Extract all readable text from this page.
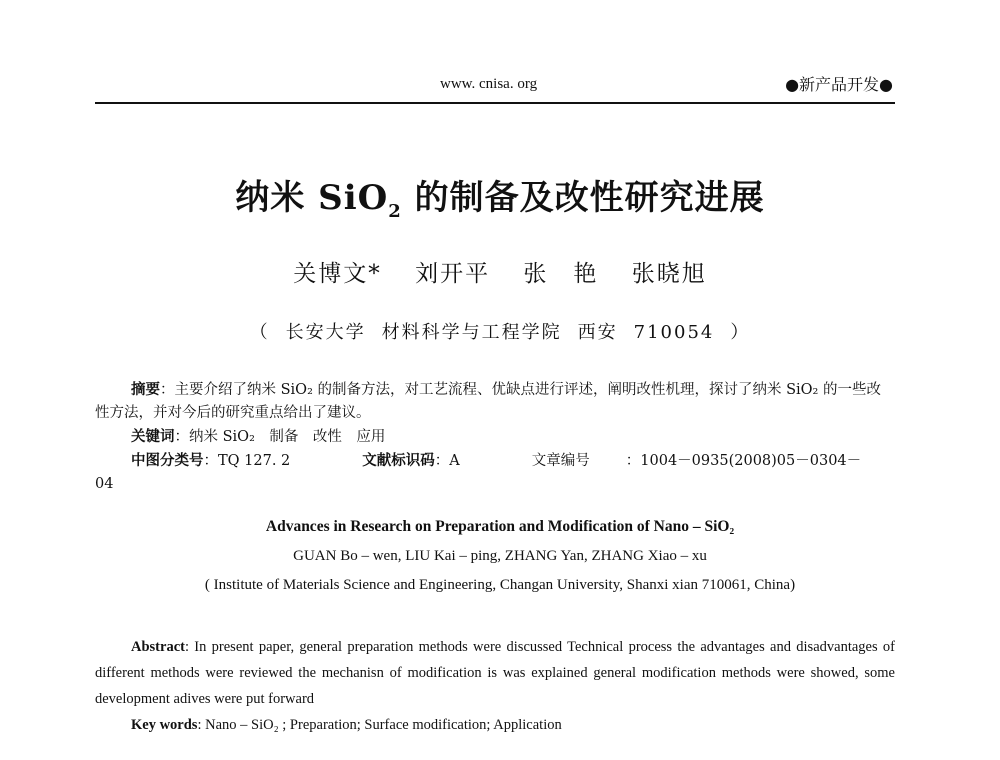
www. cnisa. org	●新产品开发●
纳米 SiO$_2$ 的制备及改性研究进展
关博文* 刘开平 张　艳 张晓旭
（ 长安大学 材料科学与工程学院 西安 710054 ）

摘要：主要介绍了纳米 SiO₂ 的制备方法，对工艺流程、优缺点进行评述，阐明改性机理，探讨了纳米 SiO₂ 的一些改性方法，并对今后的研究重点给出了建议。

关键词：纳米 SiO₂　制备　改性　应用

中图分类号：TQ 127. 2	文献标识码：A	文章编号 ：1004－0935(2008)05－0304－04

Advances in Research on Preparation and Modification of Nano – SiO₂
GUAN Bo – wen, LIU Kai – ping, ZHANG Yan, ZHANG Xiao – xu
( Institute of Materials Science and Engineering, Changan University, Shanxi xian 710061, China)

Abstract: In present paper, general preparation methods were discussed Technical process the advantages and disadvantages of different methods were reviewed the mechanisn of modification is was explained general modification methods were showed, some development adives were put forward

Key words: Nano – SiO₂ ; Preparation; Surface modification; Application
